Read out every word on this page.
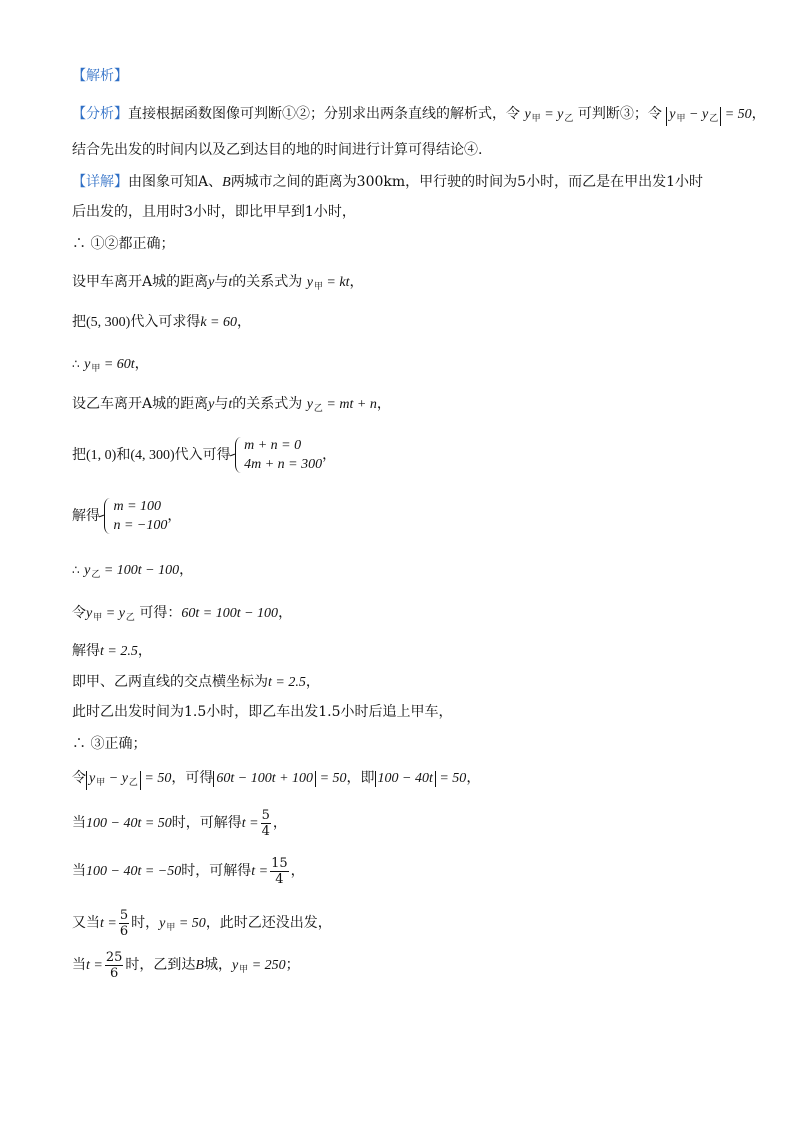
【解析】
【分析】直接根据函数图像可判断①②；分别求出两条直线的解析式，令 $y_甲 = y_乙$ 可判断③；令 $y_甲 - y_乙 = 50$，
结合先出发的时间内以及乙到达目的地的时间进行计算可得结论④.
【详解】由图象可知A、B两城市之间的距离为300km，甲行驶的时间为5小时，而乙是在甲出发1小时
后出发的，且用时3小时，即比甲早到1小时，
∴ ①②都正确；
设甲车离开A城的距离y与t的关系式为 $y_甲$ = kt，
把(5, 300)代入可求得k = 60，
∴ $y_甲 = 60t$，
设乙车离开A城的距离y与t的关系式为 $y_乙$ = mt + n，
把(1, 0)和(4, 300)代入可得
m + n = 0
4m + n = 300
，
解得
m = 100
n = −100
，
∴ $y_乙 = 100t - 100$，
令$y_甲 = y_乙$ 可得：60t = 100t − 100，
解得t = 2.5，
即甲、乙两直线的交点横坐标为t = 2.5，
此时乙出发时间为1.5小时，即乙车出发1.5小时后追上甲车，
∴ ③正确；
令 $y_甲 - y_乙 = 50$，可得 60t − 100t + 100 = 50，即 100 − 40t = 50，
当100 − 40t = 50时，可解得$t = \frac{5}{4}$ ，
当100 − 40t = −50时，可解得$t = \frac{15}{4}$ ，
又当$t = \frac{5}{6}$ 时，$y_甲 = 50$，此时乙还没出发，
当$t = \frac{25}{6}$ 时，乙到达B城，$y_甲 = 250$；
